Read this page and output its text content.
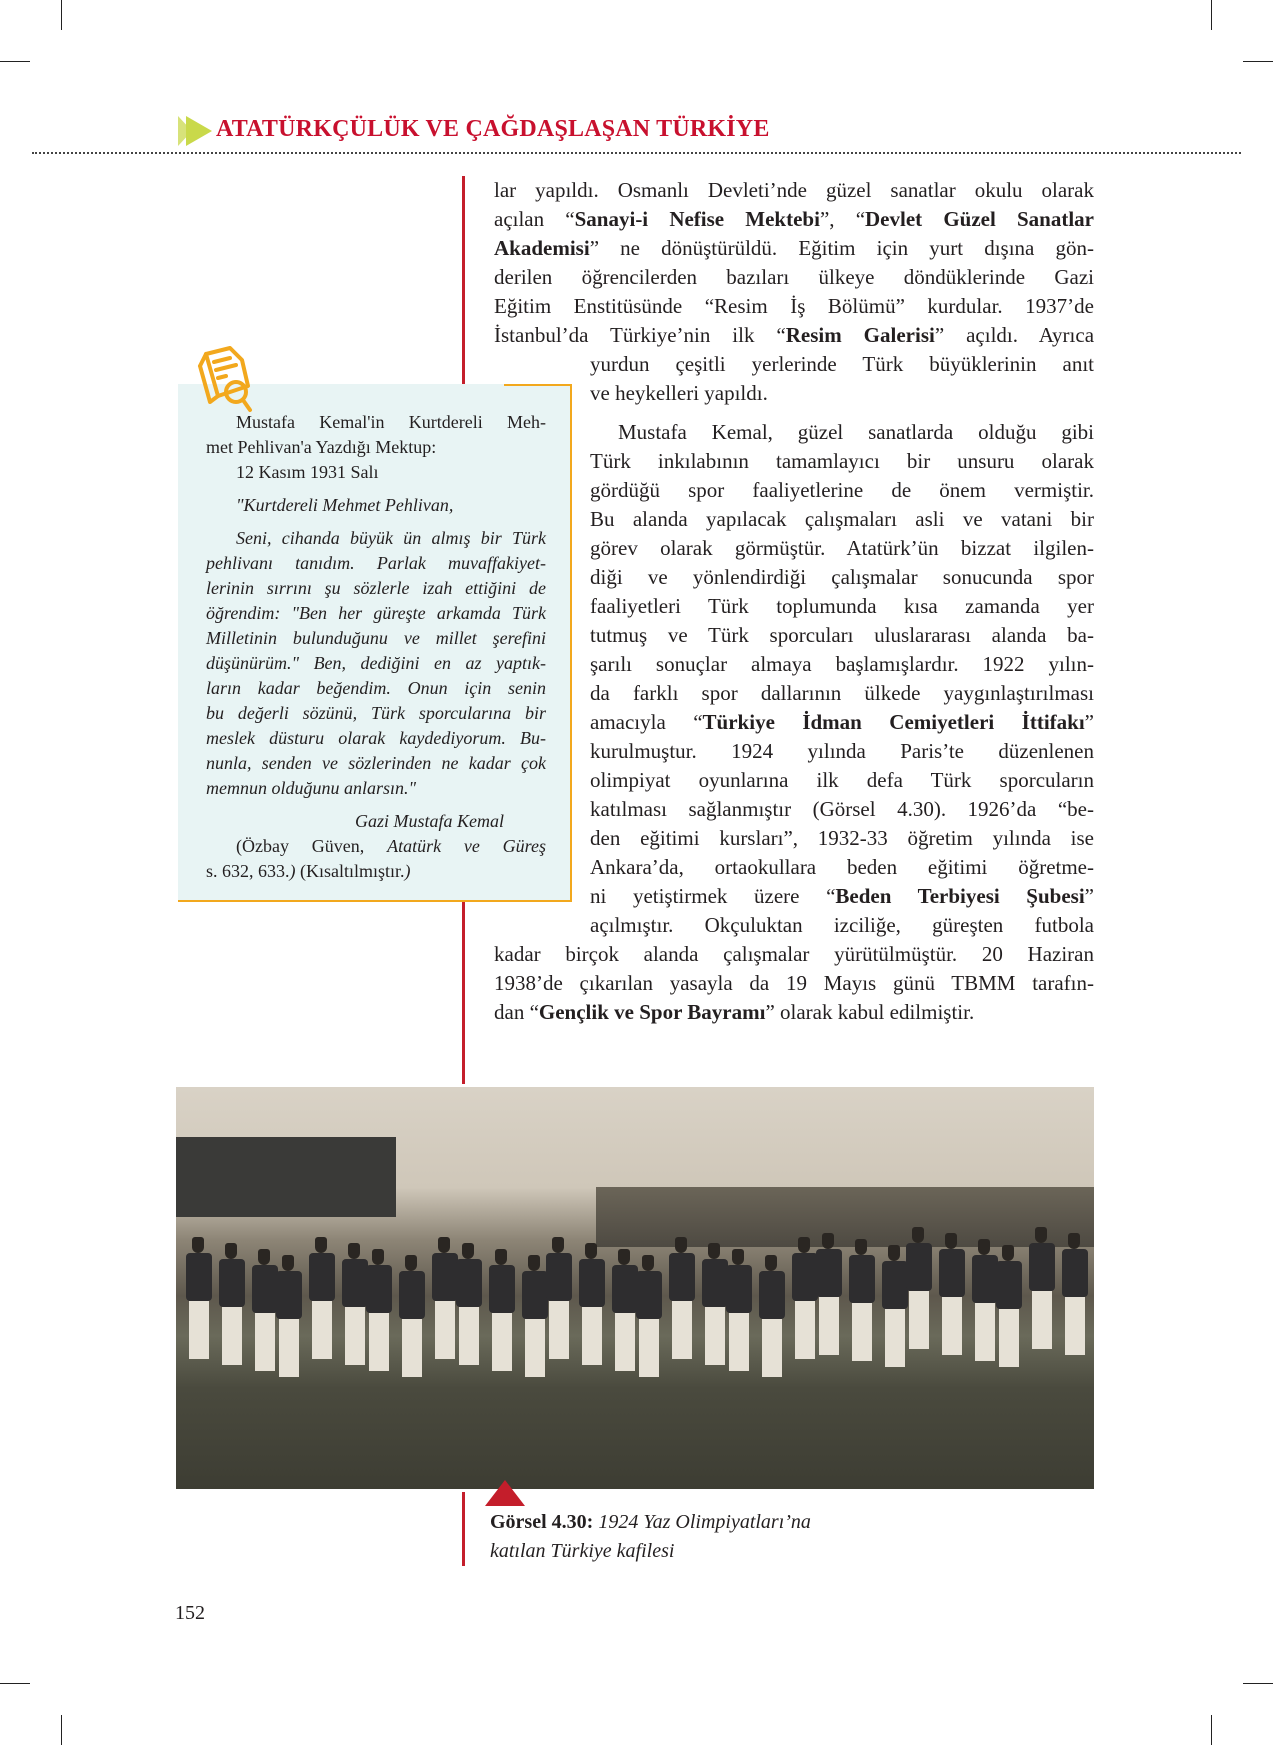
ATATÜRKÇÜLÜK VE ÇAĞDAŞLAŞAN TÜRKİYE
Mustafa Kemal'in Kurtdereli Meh-
met Pehlivan'a Yazdığı Mektup:
12 Kasım 1931 Salı
"Kurtdereli Mehmet Pehlivan,
Seni, cihanda büyük ün almış bir Türk
pehlivanı tanıdım. Parlak muvaffakiyet-
lerinin sırrını şu sözlerle izah ettiğini de
öğrendim: "Ben her güreşte arkamda Türk
Milletinin bulunduğunu ve millet şerefini
düşünürüm." Ben, dediğini en az yaptık-
ların kadar beğendim. Onun için senin
bu değerli sözünü, Türk sporcularına bir
meslek düsturu olarak kaydediyorum. Bu-
nunla, senden ve sözlerinden ne kadar çok
memnun olduğunu anlarsın."
Gazi Mustafa Kemal
(Özbay Güven, Atatürk ve Güreş
s. 632, 633.) (Kısaltılmıştır.)
lar yapıldı. Osmanlı Devleti’nde güzel sanatlar okulu olarak
açılan “Sanayi-i Nefise Mektebi”, “Devlet Güzel Sanatlar
Akademisi” ne dönüştürüldü. Eğitim için yurt dışına gön-
derilen öğrencilerden bazıları ülkeye döndüklerinde Gazi
Eğitim Enstitüsünde “Resim İş Bölümü” kurdular. 1937’de
İstanbul’da Türkiye’nin ilk “Resim Galerisi” açıldı. Ayrıca
yurdun çeşitli yerlerinde Türk büyüklerinin anıt
ve heykelleri yapıldı.
Mustafa Kemal, güzel sanatlarda olduğu gibi
Türk inkılabının tamamlayıcı bir unsuru olarak
gördüğü spor faaliyetlerine de önem vermiştir.
Bu alanda yapılacak çalışmaları asli ve vatani bir
görev olarak görmüştür. Atatürk’ün bizzat ilgilen-
diği ve yönlendirdiği çalışmalar sonucunda spor
faaliyetleri Türk toplumunda kısa zamanda yer
tutmuş ve Türk sporcuları uluslararası alanda ba-
şarılı sonuçlar almaya başlamışlardır. 1922 yılın-
da farklı spor dallarının ülkede yaygınlaştırılması
amacıyla “Türkiye İdman Cemiyetleri İttifakı”
kurulmuştur. 1924 yılında Paris’te düzenlenen
olimpiyat oyunlarına ilk defa Türk sporcuların
katılması sağlanmıştır (Görsel 4.30). 1926’da “be-
den eğitimi kursları”, 1932-33 öğretim yılında ise
Ankara’da, ortaokullara beden eğitimi öğretme-
ni yetiştirmek üzere “Beden Terbiyesi Şubesi”
açılmıştır. Okçuluktan izciliğe, güreşten futbola
kadar birçok alanda çalışmalar yürütülmüştür. 20 Haziran
1938’de çıkarılan yasayla da 19 Mayıs günü TBMM tarafın-
dan “Gençlik ve Spor Bayramı” olarak kabul edilmiştir.
Görsel 4.30: 1924 Yaz Olimpiyatları’na
katılan Türkiye kafilesi
152
